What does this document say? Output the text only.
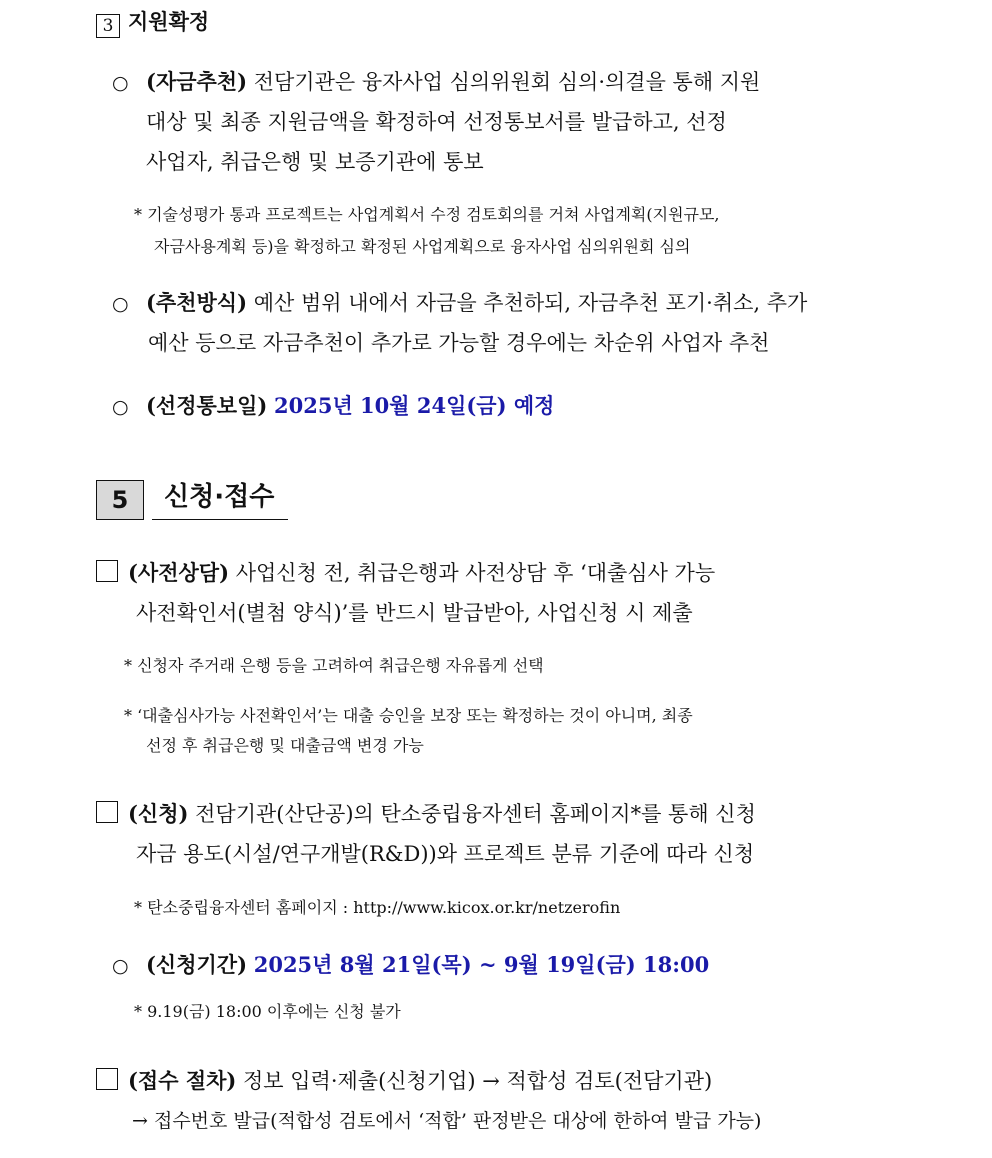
3 지원확정
○ (자금추천) 전담기관은 융자사업 심의위원회 심의·의결을 통해 지원
대상 및 최종 지원금액을 확정하여 선정통보서를 발급하고, 선정
사업자, 취급은행 및 보증기관에 통보
* 기술성평가 통과 프로젝트는 사업계획서 수정 검토회의를 거쳐 사업계획(지원규모,
자금사용계획 등)을 확정하고 확정된 사업계획으로 융자사업 심의위원회 심의
○ (추천방식) 예산 범위 내에서 자금을 추천하되, 자금추천 포기·취소, 추가
예산 등으로 자금추천이 추가로 가능할 경우에는 차순위 사업자 추천
○ (선정통보일) 2025년 10월 24일(금) 예정
5	신청·접수
(사전상담) 사업신청 전, 취급은행과 사전상담 후 ‘대출심사 가능
사전확인서(별첨 양식)’를 반드시 발급받아, 사업신청 시 제출
* 신청자 주거래 은행 등을 고려하여 취급은행 자유롭게 선택
* ‘대출심사가능 사전확인서’는 대출 승인을 보장 또는 확정하는 것이 아니며, 최종
선정 후 취급은행 및 대출금액 변경 가능
(신청) 전담기관(산단공)의 탄소중립융자센터 홈페이지*를 통해 신청
자금 용도(시설/연구개발(R&D))와 프로젝트 분류 기준에 따라 신청
* 탄소중립융자센터 홈페이지 : http://www.kicox.or.kr/netzerofin
○ (신청기간) 2025년 8월 21일(목) ~ 9월 19일(금) 18:00
* 9.19(금) 18:00 이후에는 신청 불가
(접수 절차) 정보 입력·제출(신청기업) → 적합성 검토(전담기관)
→ 접수번호 발급(적합성 검토에서 ‘적합’ 판정받은 대상에 한하여 발급 가능)
